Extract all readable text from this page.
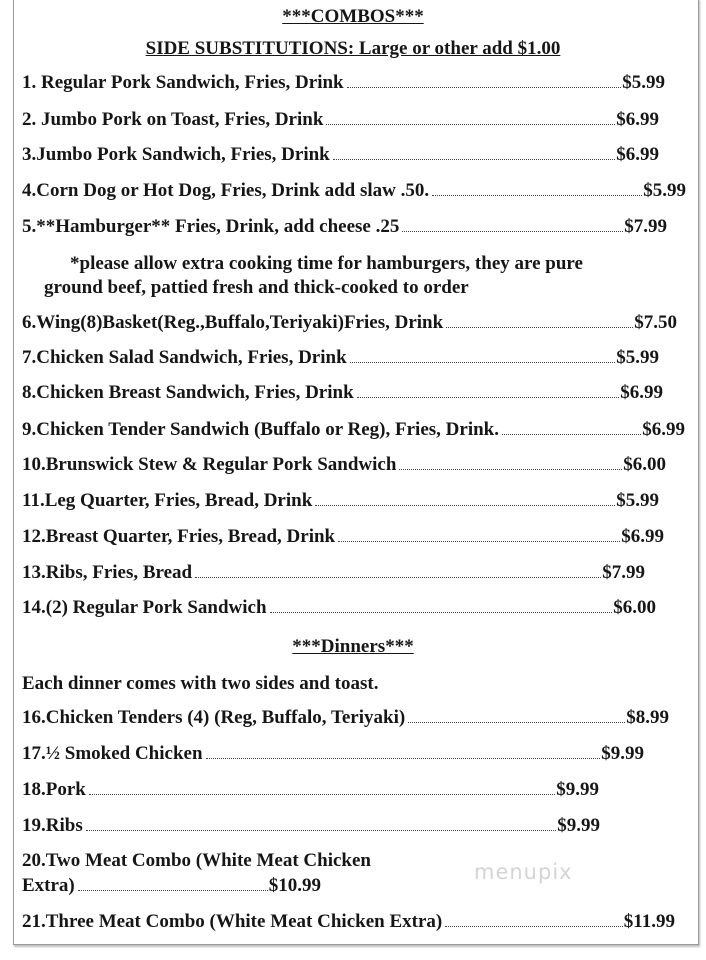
***COMBOS***
SIDE SUBSTITUTIONS: Large or other add $1.00
1. Regular Pork Sandwich, Fries, Drink	$5.99
2. Jumbo Pork on Toast, Fries, Drink	$6.99
3.Jumbo Pork Sandwich, Fries, Drink	$6.99
4.Corn Dog or Hot Dog, Fries, Drink add slaw .50.	$5.99
5.**Hamburger** Fries, Drink, add cheese .25	$7.99
6.Wing(8)Basket(Reg.,Buffalo,Teriyaki)Fries, Drink	$7.50
7.Chicken Salad Sandwich, Fries, Drink	$5.99
8.Chicken Breast Sandwich, Fries, Drink	$6.99
9.Chicken Tender Sandwich (Buffalo or Reg), Fries, Drink.	$6.99
10.Brunswick Stew & Regular Pork Sandwich	$6.00
11.Leg Quarter, Fries, Bread, Drink	$5.99
12.Breast Quarter, Fries, Bread, Drink	$6.99
13.Ribs, Fries, Bread	$7.99
14.(2) Regular Pork Sandwich	$6.00
*please allow extra cooking time for hamburgers, they are pure
ground beef, pattied fresh and thick-cooked to order
***Dinners***
Each dinner comes with two sides and toast.
16.Chicken Tenders (4) (Reg, Buffalo, Teriyaki)	$8.99
17.½ Smoked Chicken	$9.99
18.Pork	$9.99
19.Ribs	$9.99
20.Two Meat Combo (White Meat Chicken
Extra)	$10.99
21.Three Meat Combo (White Meat Chicken Extra)	$11.99
menupix
